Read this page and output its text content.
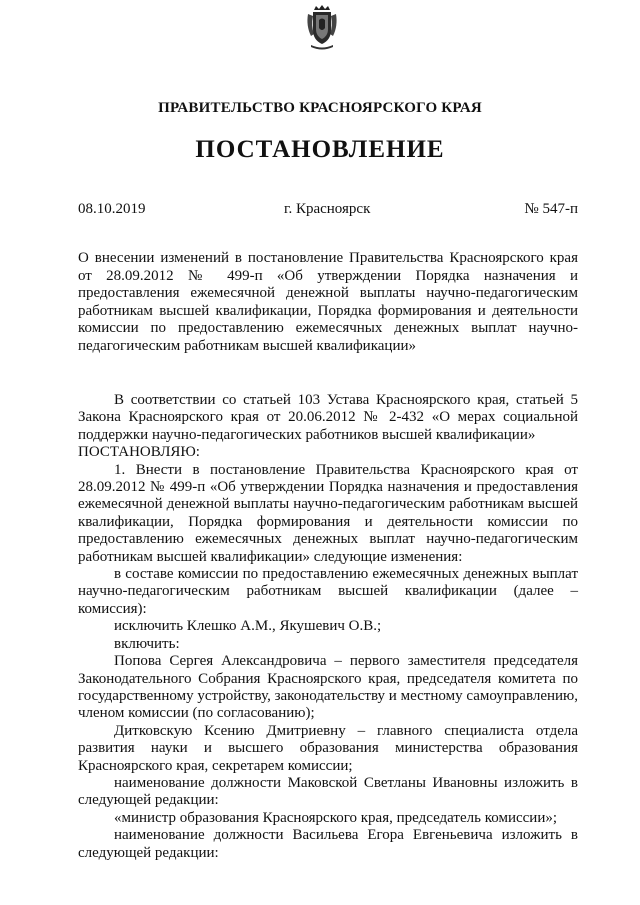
ПРАВИТЕЛЬСТВО КРАСНОЯРСКОГО КРАЯ
ПОСТАНОВЛЕНИЕ
08.10.2019	г. Красноярск	№ 547-п
О внесении изменений в постановление Правительства Красноярского края от 28.09.2012 № 499-п «Об утверждении Порядка назначения и предоставления ежемесячной денежной выплаты научно-педагогическим работникам высшей квалификации, Порядка формирования и деятельности комиссии по предоставлению ежемесячных денежных выплат научно-педагогическим работникам высшей квалификации»

В соответствии со статьей 103 Устава Красноярского края, статьей 5 Закона Красноярского края от 20.06.2012 № 2-432 «О мерах социальной поддержки научно-педагогических работников высшей квалификации»

ПОСТАНОВЛЯЮ:

1. Внести в постановление Правительства Красноярского края от 28.09.2012 № 499-п «Об утверждении Порядка назначения и предоставления ежемесячной денежной выплаты научно-педагогическим работникам высшей квалификации, Порядка формирования и деятельности комиссии по предоставлению ежемесячных денежных выплат научно-педагогическим работникам высшей квалификации» следующие изменения:

в составе комиссии по предоставлению ежемесячных денежных выплат научно-педагогическим работникам высшей квалификации (далее – комиссия):

исключить Клешко А.М., Якушевич О.В.;

включить:

Попова Сергея Александровича – первого заместителя председателя Законодательного Собрания Красноярского края, председателя комитета по государственному устройству, законодательству и местному самоуправлению, членом комиссии (по согласованию);

Дитковскую Ксению Дмитриевну – главного специалиста отдела развития науки и высшего образования министерства образования Красноярского края, секретарем комиссии;

наименование должности Маковской Светланы Ивановны изложить в следующей редакции:

«министр образования Красноярского края, председатель комиссии»;

наименование должности Васильева Егора Евгеньевича изложить в следующей редакции:
